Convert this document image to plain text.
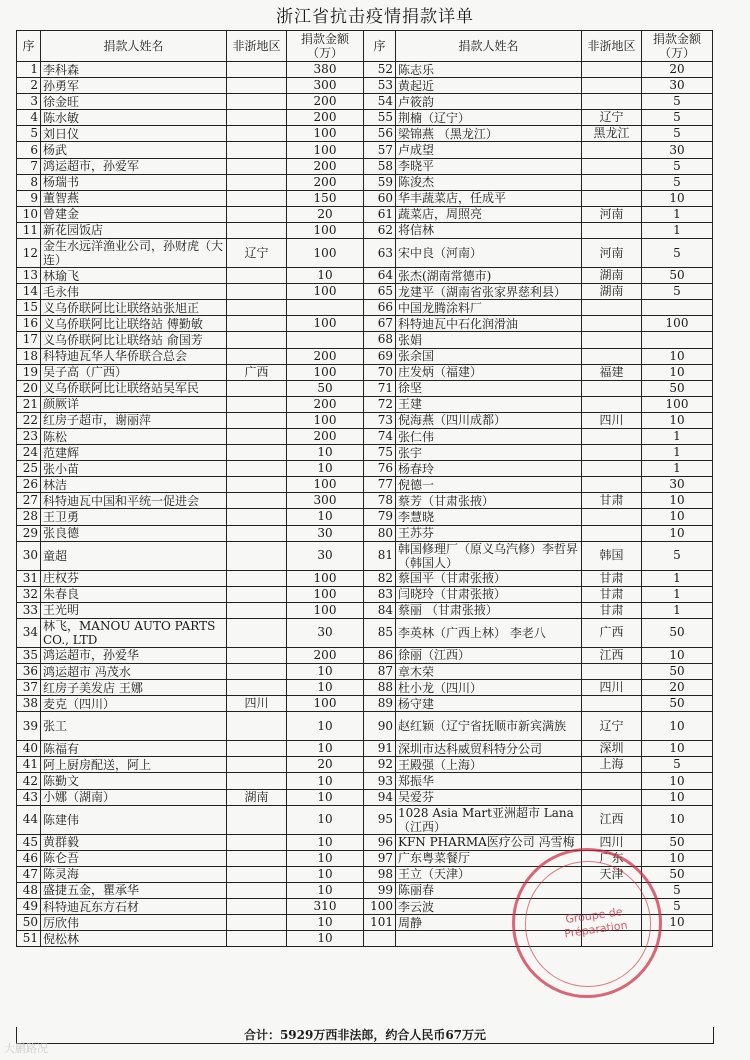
浙江省抗击疫情捐款详单
序	捐款人姓名	非浙地区	捐款金额（万）	序	捐款人姓名	非浙地区	捐款金额（万）
1	李科森		380	52	陈志乐		20
2	孙勇军		300	53	黄起近		30
3	徐金旺		200	54	卢筱韵		5
4	陈水敏		200	55	荆楠（辽宁）	辽宁	5
5	刘日仪		100	56	梁锦燕 （黑龙江）	黑龙江	5
6	杨武		100	57	卢成望		30
7	鸿运超市，孙爱军		200	58	李晓平		5
8	杨瑞书		200	59	陈浚杰		5
9	董智燕		150	60	华丰蔬菜店，任成平		10
10	曾建金		20	61	蔬菜店，周照亮	河南	1
11	新花园饭店		100	62	将信林		1
12	金生水远洋渔业公司，孙财虎（大连）	辽宁	100	63	宋中良（河南）	河南	5
13	林瑜飞		10	64	张杰(湖南常德市)	湖南	50
14	毛永伟		100	65	龙建平（湖南省张家界慈利县）	湖南	5
15	义乌侨联阿比让联络站张旭正			66	中国龙腾涂料厂		
16	义乌侨联阿比让联络站 傅勤敏		100	67	科特迪瓦中石化润滑油		100
17	义乌侨联阿比让联络站 俞国芳			68	张娟		
18	科特迪瓦华人华侨联合总会		200	69	张余国		10
19	吴子高（广西）	广西	100	70	庄发炳（福建）	福建	10
20	义乌侨联阿比让联络站吴军民		50	71	徐坚		50
21	颜厥详		200	72	王建		100
22	红房子超市，谢丽萍		100	73	倪海燕（四川成都）	四川	10
23	陈松		200	74	张仁伟		1
24	范建辉		10	75	张宇		1
25	张小苗		10	76	杨春玲		1
26	林洁		100	77	倪德一		30
27	科特迪瓦中国和平统一促进会		300	78	蔡芳（甘肃张掖）	甘肃	10
28	王卫勇		10	79	李慧晓		10
29	张良德		30	80	王苏芬		10
30	童超		30	81	韩国修理厂（原义乌汽修）李哲昇（韩国人）	韩国	5
31	庄权芬		100	82	蔡国平（甘肃张掖）	甘肃	1
32	朱春良		100	83	闫晓玲（甘肃张掖）	甘肃	1
33	王光明		100	84	蔡丽 （甘肃张掖）	甘肃	1
34	林飞，MANOU AUTO PARTS CO., LTD		30	85	李英林（广西上林） 李老八	广西	50
35	鸿运超市，孙爱华		200	86	徐丽（江西）	江西	10
36	鸿运超市 冯茂水		10	87	章木荣		50
37	红房子美发店 王娜		10	88	杜小龙（四川）	四川	20
38	麦克（四川）	四川	100	89	杨守建		50
39	张工		10	90	赵红颖（辽宁省抚顺市新宾满族	辽宁	10
40	陈福有		10	91	深圳市达科威贸科特分公司	深圳	10
41	阿上厨房配送，阿上		20	92	王殿强（上海）	上海	5
42	陈勤文		10	93	郑振华		10
43	小娜（湖南）	湖南	10	94	吴爱芬		10
44	陈建伟		10	95	1028 Asia Mart亚洲超市 Lana（江西）	江西	10
45	黄群毅		10	96	KFN PHARMA医疗公司 冯雪梅	四川	50
46	陈仑吾		10	97	广东粤菜餐厅	广东	10
47	陈灵海		10	98	王立（天津）	天津	50
48	盛捷五金，瞿承华		10	99	陈丽春		5
49	科特迪瓦东方石材		310	100	李云波		5
50	厉欣伟		10	101	周静		10
51	倪松林		10				
合计：5929万西非法郎，约合人民币67万元
Groupe de Préparation
大鹏路况
